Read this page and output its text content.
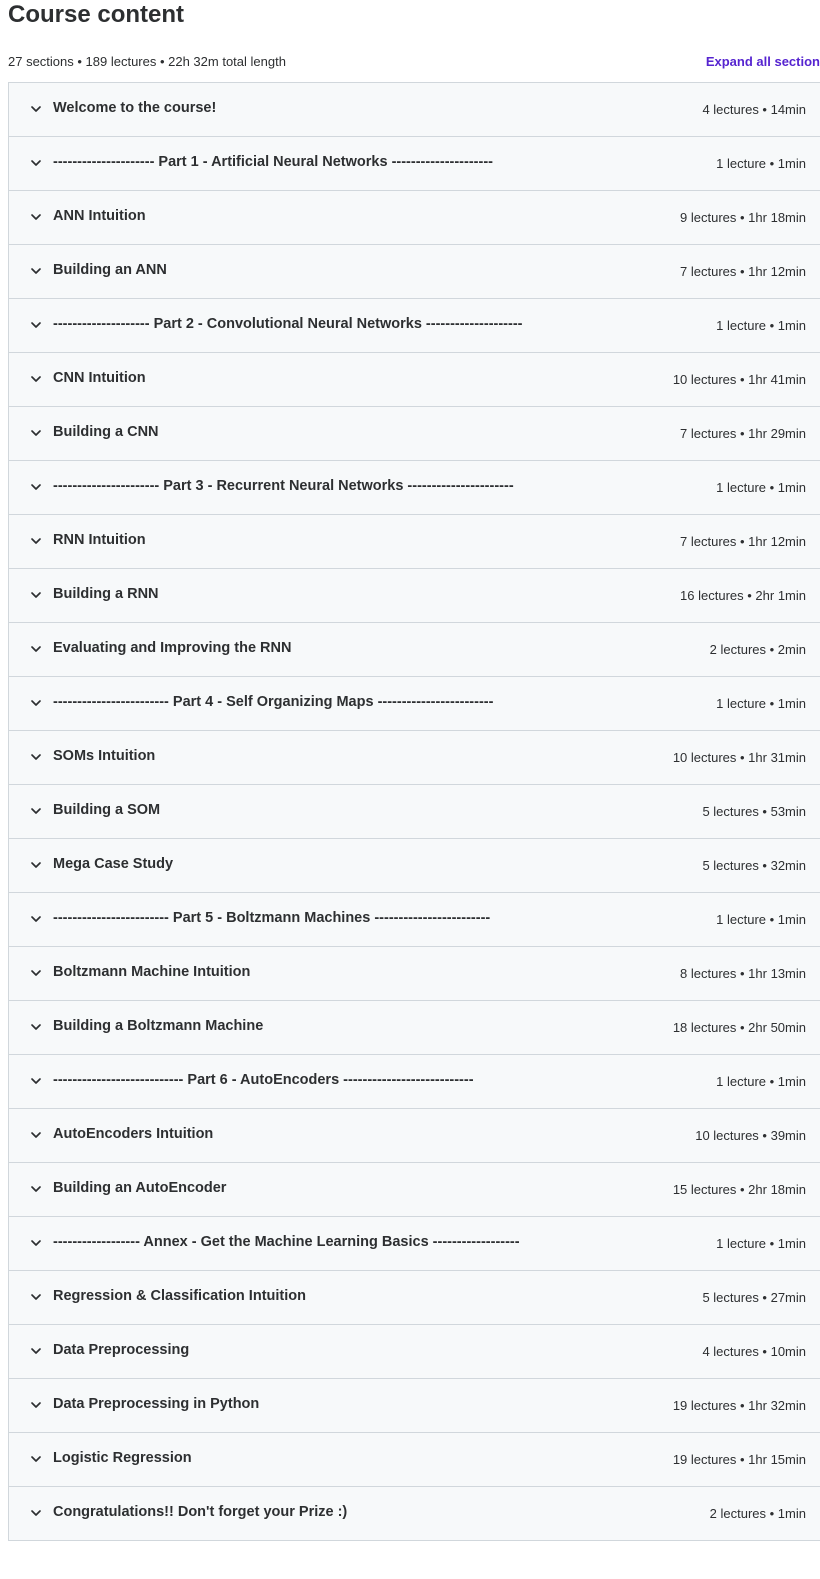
Course content
27 sections • 189 lectures • 22h 32m total length	Expand all section
Welcome to the course!	4 lectures • 14min
--------------------- Part 1 - Artificial Neural Networks ---------------------	1 lecture • 1min
ANN Intuition	9 lectures • 1hr 18min
Building an ANN	7 lectures • 1hr 12min
-------------------- Part 2 - Convolutional Neural Networks --------------------	1 lecture • 1min
CNN Intuition	10 lectures • 1hr 41min
Building a CNN	7 lectures • 1hr 29min
---------------------- Part 3 - Recurrent Neural Networks ----------------------	1 lecture • 1min
RNN Intuition	7 lectures • 1hr 12min
Building a RNN	16 lectures • 2hr 1min
Evaluating and Improving the RNN	2 lectures • 2min
------------------------ Part 4 - Self Organizing Maps ------------------------	1 lecture • 1min
SOMs Intuition	10 lectures • 1hr 31min
Building a SOM	5 lectures • 53min
Mega Case Study	5 lectures • 32min
------------------------ Part 5 - Boltzmann Machines ------------------------	1 lecture • 1min
Boltzmann Machine Intuition	8 lectures • 1hr 13min
Building a Boltzmann Machine	18 lectures • 2hr 50min
--------------------------- Part 6 - AutoEncoders ---------------------------	1 lecture • 1min
AutoEncoders Intuition	10 lectures • 39min
Building an AutoEncoder	15 lectures • 2hr 18min
------------------ Annex - Get the Machine Learning Basics ------------------	1 lecture • 1min
Regression & Classification Intuition	5 lectures • 27min
Data Preprocessing	4 lectures • 10min
Data Preprocessing in Python	19 lectures • 1hr 32min
Logistic Regression	19 lectures • 1hr 15min
Congratulations!! Don't forget your Prize :)	2 lectures • 1min
